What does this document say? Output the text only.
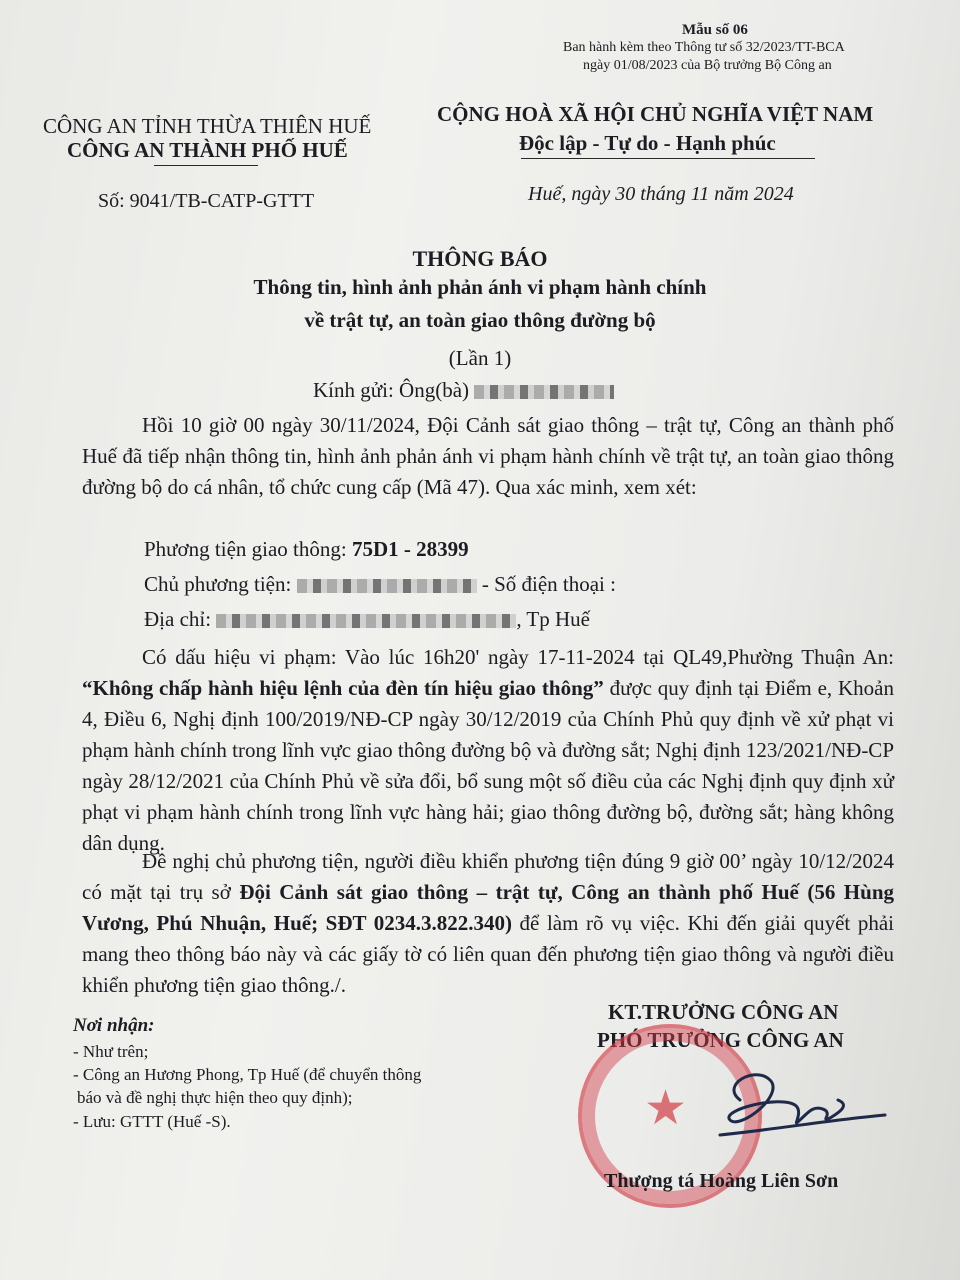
Mẫu số 06
Ban hành kèm theo Thông tư số 32/2023/TT-BCA
ngày 01/08/2023 của Bộ trưởng Bộ Công an
CÔNG AN TỈNH THỪA THIÊN HUẾ
CÔNG AN THÀNH PHỐ HUẾ
Số: 9041/TB-CATP-GTTT
CỘNG HOÀ XÃ HỘI CHỦ NGHĨA VIỆT NAM
Độc lập - Tự do - Hạnh phúc
Huế, ngày 30 tháng 11 năm 2024
THÔNG BÁO
Thông tin, hình ảnh phản ánh vi phạm hành chính
về trật tự, an toàn giao thông đường bộ
(Lần 1)
Kính gửi: Ông(bà)

Hồi 10 giờ 00 ngày 30/11/2024, Đội Cảnh sát giao thông – trật tự, Công an thành phố Huế đã tiếp nhận thông tin, hình ảnh phản ánh vi phạm hành chính về trật tự, an toàn giao thông đường bộ do cá nhân, tổ chức cung cấp (Mã 47). Qua xác minh, xem xét:

Phương tiện giao thông: 75D1 - 28399
Chủ phương tiện:	- Số điện thoại :
Địa chỉ:	, Tp Huế

Có dấu hiệu vi phạm: Vào lúc 16h20' ngày 17-11-2024 tại QL49,Phường Thuận An: “Không chấp hành hiệu lệnh của đèn tín hiệu giao thông” được quy định tại Điểm e, Khoản 4, Điều 6, Nghị định 100/2019/NĐ-CP ngày 30/12/2019 của Chính Phủ quy định về xử phạt vi phạm hành chính trong lĩnh vực giao thông đường bộ và đường sắt; Nghị định 123/2021/NĐ-CP ngày 28/12/2021 của Chính Phủ về sửa đổi, bổ sung một số điều của các Nghị định quy định xử phạt vi phạm hành chính trong lĩnh vực hàng hải; giao thông đường bộ, đường sắt; hàng không dân dụng.

Đề nghị chủ phương tiện, người điều khiển phương tiện đúng 9 giờ 00’ ngày 10/12/2024 có mặt tại trụ sở Đội Cảnh sát giao thông – trật tự, Công an thành phố Huế (56 Hùng Vương, Phú Nhuận, Huế; SĐT 0234.3.822.340) để làm rõ vụ việc. Khi đến giải quyết phải mang theo thông báo này và các giấy tờ có liên quan đến phương tiện giao thông và người điều khiển phương tiện giao thông./.

Nơi nhận:
- Như trên;
- Công an Hương Phong, Tp Huế (để chuyển thông
báo và đề nghị thực hiện theo quy định);
- Lưu: GTTT (Huế -S).
KT.TRƯỞNG CÔNG AN
PHÓ TRƯỞNG CÔNG AN
★
Thượng tá Hoàng Liên Sơn
